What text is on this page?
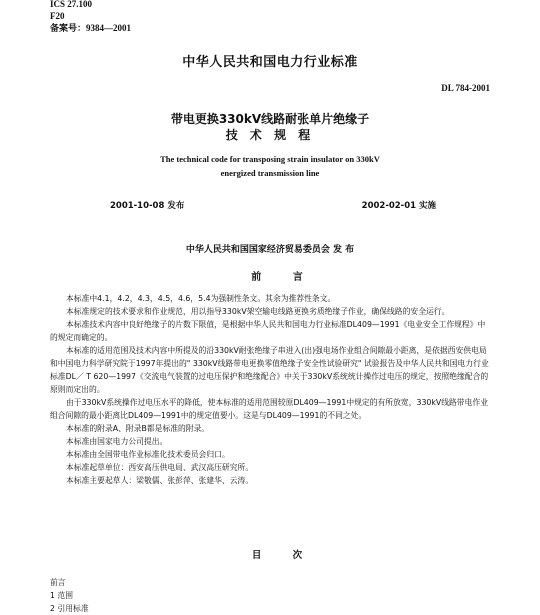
ICS 27.100
F20
备案号：9384—2001
中华人民共和国电力行业标准
DL 784-2001
带电更换330kV线路耐张单片绝缘子
技 术 规 程
The technical code for transposing strain insulator on 330kV
energized transmission line
2001-10-08 发布	2002-02-01 实施
中华人民共和国国家经济贸易委员会 发 布
前 言

本标准中4.1，4.2，4.3，4.5，4.6，5.4为强制性条文。其余为推荐性条文。

本标准规定的技术要求和作业规范，用以指导330kV架空输电线路更换劣质绝缘子作业，确保线路的安全运行。

本标准技术内容中良好绝缘子的片数下限值，是根据中华人民共和国电力行业标准DL409—1991《电业安全工作规程》中的规定而确定的。

本标准的适用范围及技术内容中所提及的沿330kV耐张绝缘子串进入(出)强电场作业组合间隙最小距离，是依据西安供电局和中国电力科学研究院于1997年提出的" 330kV线路带电更换零值绝缘子安全性试验研究" 试验报告及中华人民共和国电力行业标准DL／ T 620—1997《交流电气装置的过电压保护和绝缘配合》中关于330kV系统统计操作过电压的规定，按照绝缘配合的原则而定出的。

由于330kV系统操作过电压水平的降低，使本标准的适用范围较原DL409—1991中规定的有所放宽，330kV线路带电作业组合间隙的最小距离比DL409—1991中的规定值要小。这是与DL409—1991的不同之处。

本标准的附录A、附录B都是标准的附录。

本标准由国家电力公司提出。

本标准由全国带电作业标准化技术委员会归口。

本标准起草单位：西安高压供电局、武汉高压研究所。

本标准主要起草人：梁敬儒、张彭萍、张建华、云涛。

目 次
前言
1 范围
2 引用标准
